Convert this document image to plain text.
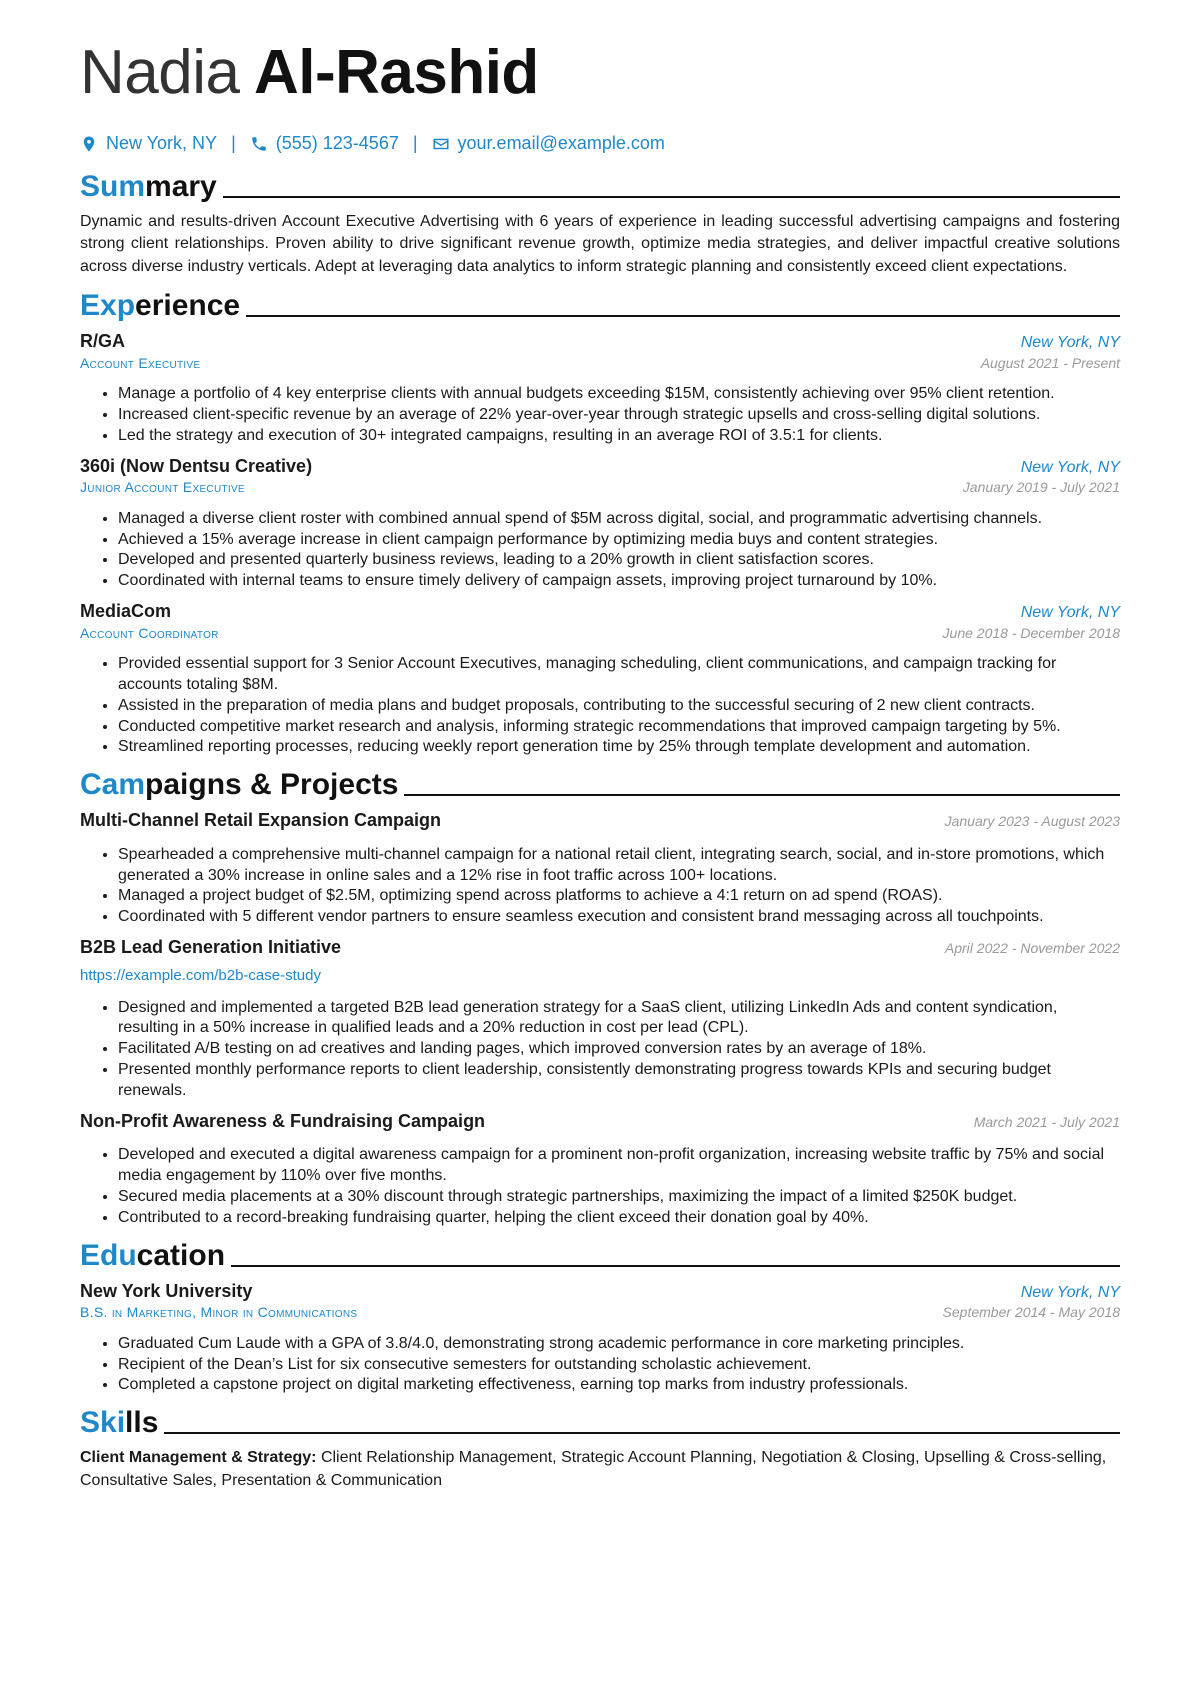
Nadia Al-Rashid
New York, NY | (555) 123-4567 | your.email@example.com
Summary

Dynamic and results-driven Account Executive Advertising with 6 years of experience in leading successful advertising campaigns and fostering strong client relationships. Proven ability to drive significant revenue growth, optimize media strategies, and deliver impactful creative solutions across diverse industry verticals. Adept at leveraging data analytics to inform strategic planning and consistently exceed client expectations.

Experience
R/GA	New York, NY
Account Executive	August 2021 - Present
• Manage a portfolio of 4 key enterprise clients with annual budgets exceeding $15M, consistently achieving over 95% client retention.
• Increased client-specific revenue by an average of 22% year-over-year through strategic upsells and cross-selling digital solutions.
• Led the strategy and execution of 30+ integrated campaigns, resulting in an average ROI of 3.5:1 for clients.
360i (Now Dentsu Creative)	New York, NY
Junior Account Executive	January 2019 - July 2021
• Managed a diverse client roster with combined annual spend of $5M across digital, social, and programmatic advertising channels.
• Achieved a 15% average increase in client campaign performance by optimizing media buys and content strategies.
• Developed and presented quarterly business reviews, leading to a 20% growth in client satisfaction scores.
• Coordinated with internal teams to ensure timely delivery of campaign assets, improving project turnaround by 10%.
MediaCom	New York, NY
Account Coordinator	June 2018 - December 2018
• Provided essential support for 3 Senior Account Executives, managing scheduling, client communications, and campaign tracking for accounts totaling $8M.
• Assisted in the preparation of media plans and budget proposals, contributing to the successful securing of 2 new client contracts.
• Conducted competitive market research and analysis, informing strategic recommendations that improved campaign targeting by 5%.
• Streamlined reporting processes, reducing weekly report generation time by 25% through template development and automation.
Campaigns & Projects
Multi-Channel Retail Expansion Campaign	January 2023 - August 2023
• Spearheaded a comprehensive multi-channel campaign for a national retail client, integrating search, social, and in-store promotions, which generated a 30% increase in online sales and a 12% rise in foot traffic across 100+ locations.
• Managed a project budget of $2.5M, optimizing spend across platforms to achieve a 4:1 return on ad spend (ROAS).
• Coordinated with 5 different vendor partners to ensure seamless execution and consistent brand messaging across all touchpoints.
B2B Lead Generation Initiative	April 2022 - November 2022
https://example.com/b2b-case-study
• Designed and implemented a targeted B2B lead generation strategy for a SaaS client, utilizing LinkedIn Ads and content syndication, resulting in a 50% increase in qualified leads and a 20% reduction in cost per lead (CPL).
• Facilitated A/B testing on ad creatives and landing pages, which improved conversion rates by an average of 18%.
• Presented monthly performance reports to client leadership, consistently demonstrating progress towards KPIs and securing budget renewals.
Non-Profit Awareness & Fundraising Campaign	March 2021 - July 2021
• Developed and executed a digital awareness campaign for a prominent non-profit organization, increasing website traffic by 75% and social media engagement by 110% over five months.
• Secured media placements at a 30% discount through strategic partnerships, maximizing the impact of a limited $250K budget.
• Contributed to a record-breaking fundraising quarter, helping the client exceed their donation goal by 40%.
Education
New York University	New York, NY
B.S. in Marketing, Minor in Communications	September 2014 - May 2018
• Graduated Cum Laude with a GPA of 3.8/4.0, demonstrating strong academic performance in core marketing principles.
• Recipient of the Dean’s List for six consecutive semesters for outstanding scholastic achievement.
• Completed a capstone project on digital marketing effectiveness, earning top marks from industry professionals.
Skills

Client Management & Strategy: Client Relationship Management, Strategic Account Planning, Negotiation & Closing, Upselling & Cross-selling, Consultative Sales, Presentation & Communication
